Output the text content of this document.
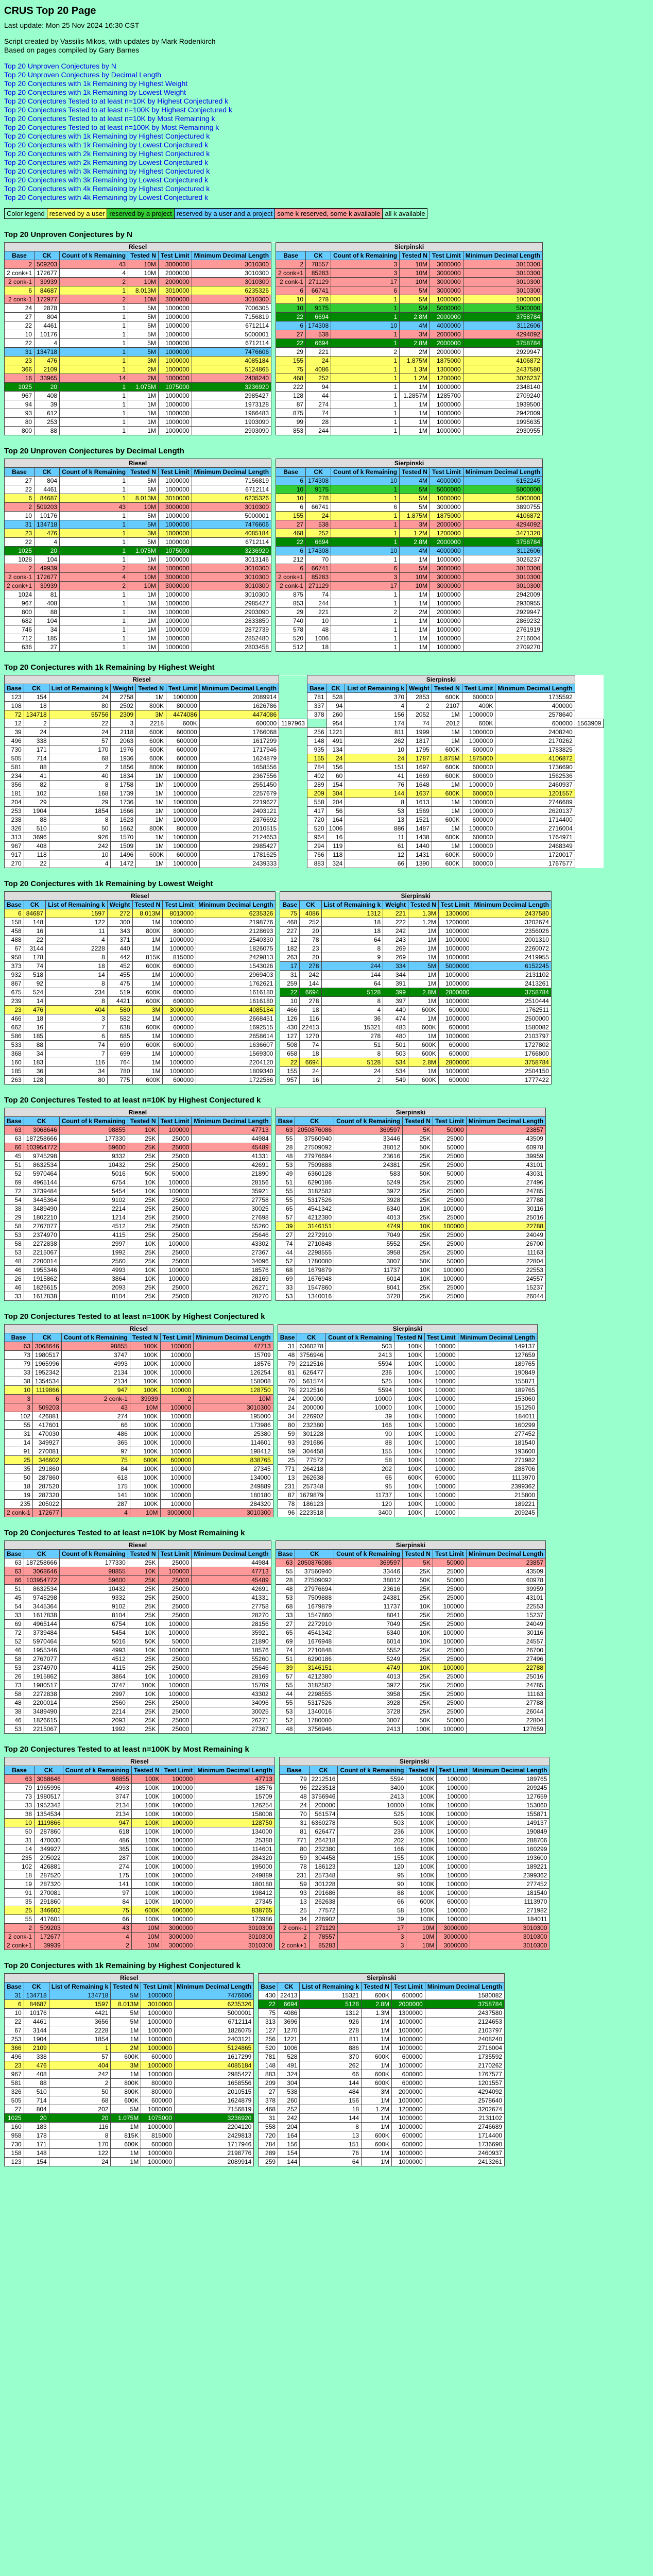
CRUS Top 20 Page

Last update: Mon 25 Nov 2024 16:30 CST

Script created by Vassilis Mikos, with updates by Mark Rodenkirch

Based on pages compiled by Gary Barnes

Top 20 Unproven Conjectures by N
Top 20 Unproven Conjectures by Decimal Length
Top 20 Conjectures with 1k Remaining by Highest Weight
Top 20 Conjectures with 1k Remaining by Lowest Weight
Top 20 Conjectures Tested to at least n=10K by Highest Conjectured k
Top 20 Conjectures Tested to at least n=100K by Highest Conjectured k
Top 20 Conjectures Tested to at least n=10K by Most Remaining k
Top 20 Conjectures Tested to at least n=100K by Most Remaining k
Top 20 Conjectures with 1k Remaining by Highest Conjectured k
Top 20 Conjectures with 1k Remaining by Lowest Conjectured k
Top 20 Conjectures with 2k Remaining by Highest Conjectured k
Top 20 Conjectures with 2k Remaining by Lowest Conjectured k
Top 20 Conjectures with 3k Remaining by Highest Conjectured k
Top 20 Conjectures with 3k Remaining by Lowest Conjectured k
Top 20 Conjectures with 4k Remaining by Highest Conjectured k
Top 20 Conjectures with 4k Remaining by Lowest Conjectured k
Color legend	reserved by a user	reserved by a project	reserved by a user and a project	some k reserved, some k available	all k available
Top 20 Unproven Conjectures by N
Riesel							Sierpinski					
Base	CK	Count of k Remaining	Tested N	Test Limit	Minimum Decimal Length		Base	CK	Count of k Remaining	Tested N	Test Limit	Minimum Decimal Length
2	509203	43	10M	3000000	3010300		2	78557	3	10M	3000000	3010300
2 conk+1	172677	4	10M	2000000	3010300		2 conk+1	85283	3	10M	3000000	3010300
2 conk-1	39939	2	10M	2000000	3010300		2 conk-1	271129	17	10M	3000000	3010300
6	84687	1	8.013M	3010000	6235326		6	66741	6	5M	3000000	3010300
2 conk-1	172977	2	10M	3000000	3010300		10	278	1	5M	1000000	1000000
24	2878	1	5M	1000000	7006305		10	9175	1	5M	5000000	5000000
27	804	1	5M	1000000	7156819		22	6694	1	2.8M	2000000	3758784
22	4461	1	5M	1000000	6712114		6	174308	10	4M	4000000	3112606
10	10176	1	5M	1000000	5000001		27	538	1	3M	2000000	4294092
22	4	1	5M	1000000	6712114		22	6694	1	2.8M	2000000	3758784
31	134718	1	5M	1000000	7476606		29	221	2	2M	2000000	2929947
23	476	1	3M	1000000	4085184		155	24	1	1.875M	1875000	4106872
366	2109	1	2M	1000000	5124865		75	4086	1	1.3M	1300000	2437580
16	33965	14	2M	1000000	2408240		468	252	1	1.2M	1200000	3026237
1025	20	1	1.075M	1075000	3236920		222	94	1	1M	1000000	2348140
967	408	1	1M	1000000	2985427		128	44	1	1.2857M	1285700	2709240
94	39	1	1M	1000000	1973128		87	274	1	1M	1000000	1939500
93	612	1	1M	1000000	1966483		875	74	1	1M	1000000	2942009
80	253	1	1M	1000000	1903090		99	28	1	1M	1000000	1995635
800	88	1	1M	1000000	2903090		853	244	1	1M	1000000	2930955
Top 20 Unproven Conjectures by Decimal Length
Riesel							Sierpinski					
Base	CK	Count of k Remaining	Tested N	Test Limit	Minimum Decimal Length		Base	CK	Count of k Remaining	Tested N	Test Limit	Minimum Decimal Length
27	804	1	5M	1000000	7156819		6	174308	10	4M	4000000	6152245
22	4461	1	5M	1000000	6712114		10	9175	1	5M	5000000	5000000
6	84687	1	8.013M	3010000	6235326		10	278	1	5M	1000000	5000000
2	509203	43	10M	3000000	3010300		6	66741	6	5M	3000000	3890755
10	10176	1	5M	1000000	5000001		155	24	1	1.875M	1875000	4106872
31	134718	1	5M	1000000	7476606		27	538	1	3M	2000000	4294092
23	476	1	3M	1000000	4085184		468	252	1	1.2M	1200000	3471320
22	4	1	5M	1000000	6712114		22	6694	1	2.8M	2000000	3758784
1025	20	1	1.075M	1075000	3236920		6	174308	10	4M	4000000	3112606
1028	104	1	1M	1000000	3013146		212	70	1	1M	1000000	3026237
2	49939	2	5M	1000000	3010300		6	66741	6	5M	3000000	3010300
2 conk-1	172677	4	10M	3000000	3010300		2 conk+1	85283	3	10M	3000000	3010300
2 conk+1	39939	2	10M	3000000	3010300		2 conk-1	271129	17	10M	3000000	3010300
1024	81	1	1M	1000000	3010300		875	74	1	1M	1000000	2942009
967	408	1	1M	1000000	2985427		853	244	1	1M	1000000	2930955
800	88	1	1M	1000000	2903090		29	221	2	2M	2000000	2929947
682	104	1	1M	1000000	2833850		740	10	1	1M	1000000	2869232
746	34	1	1M	1000000	2872739		578	48	1	1M	1000000	2761919
712	185	1	1M	1000000	2852480		520	1006	1	1M	1000000	2716004
636	27	1	1M	1000000	2803458		512	18	1	1M	1000000	2709270
Top 20 Conjectures with 1k Remaining by Highest Weight
Riesel								Sierpinski							
Base	CK	List of Remaining k	Weight	Tested N	Test Limit	Minimum Decimal Length		Base	CK	List of Remaining k	Weight	Tested N	Test Limit	Minimum Decimal Length	
123	154	24	2758	1M	1000000	2089914		781	528	370	2853	600K	600000	1735592	
108	18	80	2502	800K	800000	1626786		337	94	4	2	2107	400K	400000	
72	134718	55756	2309	3M	4474086	4474086		378	260	156	2052	1M	1000000	2578640	
12	2	22	3	2218	600K	600000	1197963		954	174	74	2012	600K	600000	1563909
39	24	24	2118	600K	600000	1766068		256	1221	811	1999	1M	1000000	2408240	
496	338	57	2063	600K	600000	1617299		148	491	262	1817	1M	1000000	2170262	
730	171	170	1976	600K	600000	1717946		935	134	10	1795	600K	600000	1783825	
505	714	68	1936	600K	600000	1624879		155	24	24	1787	1.875M	1875000	4106872	
581	88	2	1856	800K	800000	1658556		784	156	151	1697	600K	600000	1736690	
234	41	40	1834	1M	1000000	2367556		402	60	41	1669	600K	600000	1562536	
356	82	8	1758	1M	1000000	2551450		289	154	76	1648	1M	1000000	2460937	
181	102	168	1739	1M	1000000	2257679		209	304	144	1637	600K	600000	1201557	
204	29	29	1736	1M	1000000	2219627		558	204	8	1613	1M	1000000	2746689	
253	1904	1854	1666	1M	1000000	2403121		417	56	53	1569	1M	1000000	2620137	
238	88	8	1623	1M	1000000	2376692		720	164	13	1521	600K	600000	1714400	
326	510	50	1662	800K	800000	2010515		520	1006	886	1487	1M	1000000	2716004	
313	3696	926	1570	1M	1000000	2124653		964	16	11	1438	600K	600000	1764971	
967	408	242	1509	1M	1000000	2985427		294	119	61	1440	1M	1000000	2468349	
917	118	10	1496	600K	600000	1781625		766	118	12	1431	600K	600000	1720017	
270	22	4	1472	1M	1000000	2439333		883	324	66	1390	600K	600000	1767577	
Top 20 Conjectures with 1k Remaining by Lowest Weight
Riesel								Sierpinski						
Base	CK	List of Remaining k	Weight	Tested N	Test Limit	Minimum Decimal Length		Base	CK	List of Remaining k	Weight	Tested N	Test Limit	Minimum Decimal Length
6	84687	1597	272	8.013M	8013000	6235326		75	4086	1312	221	1.3M	1300000	2437580
158	148	122	300	1M	1000000	2198776		468	252	18	222	1.2M	1200000	3202674
458	16	11	343	800K	800000	2128693		227	20	18	242	1M	1000000	2356026
488	22	4	371	1M	1000000	2540330		12	78	64	243	1M	1000000	2001310
67	3144	2228	440	1M	1000000	1826075		182	23	8	269	1M	1000000	2260072
958	178	8	442	815K	815000	2429813		263	20	9	269	1M	1000000	2419955
373	74	18	452	600K	600000	1543026		17	278	244	334	5M	5000000	6152245
932	518	14	455	1M	1000000	2969403		31	242	144	344	1M	1000000	2131102
867	92	8	475	1M	1000000	1762621		259	144	64	391	1M	1000000	2413261
675	524	234	519	600K	600000	1616180		22	6694	5128	399	2.8M	2800000	3758784
239	14	8	4421	600K	600000	1616180		10	278	8	397	1M	1000000	2510444
23	476	404	580	3M	3000000	4085184		466	18	4	440	600K	600000	1762511
466	18	3	582	1M	1000000	2668451		126	116	36	474	1M	1000000	2500000
662	16	7	638	600K	600000	1692515		430	22413	15321	483	600K	600000	1580082
586	185	6	685	1M	1000000	2658614		127	1270	278	480	1M	1000000	2103797
533	88	74	690	600K	600000	1636607		508	74	51	501	600K	600000	1727802
368	34	7	699	1M	1000000	1569300		658	18	8	503	600K	600000	1766800
160	183	116	764	1M	1000000	2204120		22	6694	5128	534	2.8M	2800000	3758784
185	36	34	780	1M	1000000	1809340		155	24	24	534	1M	1000000	2504150
263	128	80	775	600K	600000	1722586		957	16	2	549	600K	600000	1777422
Top 20 Conjectures Tested to at least n=10K by Highest Conjectured k
Riesel							Sierpinski					
Base	CK	Count of k Remaining	Tested N	Test Limit	Minimum Decimal Length		Base	CK	Count of k Remaining	Tested N	Test Limit	Minimum Decimal Length
63	3068646	98855	10K	100000	47713		63	2050876086	369597	5K	50000	23857
63	187258666	177330	25K	25000	44984		55	37560940	33446	25K	25000	43509
66	103954772	59600	25K	25000	45489		28	27509092	38012	50K	50000	60978
45	9745298	9332	25K	25000	41331		48	27976694	23616	25K	25000	39959
51	8632534	10432	25K	25000	42691		53	7509888	24381	25K	25000	43101
52	5970464	5016	50K	50000	21890		49	6360128	583	50K	50000	43031
69	4965144	6754	10K	100000	28156		51	6290186	5249	25K	25000	27496
72	3739484	5454	10K	100000	35921		55	3182582	3972	25K	25000	24785
54	3445364	9102	25K	25000	27758		55	5317526	3928	25K	25000	27788
38	3489490	2214	25K	25000	30025		65	4541342	6340	10K	100000	30116
29	1802210	1214	25K	25000	27698		57	4212380	4013	25K	25000	25016
58	2767077	4512	25K	25000	55260		39	3146151	4749	10K	100000	22788
53	2374970	4115	25K	25000	25646		27	2272910	7049	25K	25000	24049
58	2272838	2997	10K	100000	43302		74	2710848	5552	25K	25000	26700
53	2215067	1992	25K	25000	27367		44	2298555	3958	25K	25000	11163
48	2200014	2560	25K	25000	34096		52	1780080	3007	50K	50000	22804
46	1955346	4993	10K	100000	18576		68	1679879	11737	10K	100000	22553
26	1915862	3864	10K	100000	28169		69	1676948	6014	10K	100000	24557
46	1826615	2093	25K	25000	26271		33	1547860	8041	25K	25000	15237
33	1617838	8104	25K	25000	28270		53	1340016	3728	25K	25000	26044
Top 20 Conjectures Tested to at least n=100K by Highest Conjectured k
Riesel							Sierpinski					
Base	CK	Count of k Remaining	Tested N	Test Limit	Minimum Decimal Length		Base	CK	Count of k Remaining	Tested N	Test Limit	Minimum Decimal Length
63	3068646	98855	100K	100000	47713		31	6360278	503	100K	100000	149137
73	1980517	3747	100K	100000	15709		48	3756946	2413	100K	100000	127659
79	1965996	4993	100K	100000	18576		79	2212516	5594	100K	100000	189765
33	1952342	2134	100K	100000	126254		81	626477	236	100K	100000	190849
38	1354534	2134	100K	100000	158008		70	561574	525	100K	100000	155871
10	1119866	947	100K	100000	128750		76	2212516	5594	100K	100000	189765
3	6	2 conk-1	39939	2	10M		24	200000	10000	100K	100000	153060
3	509203	43	10M	100000	3010300		24	200000	10000	100K	100000	151250
102	426881	274	100K	100000	195000		34	226902	39	100K	100000	184011
55	417601	66	100K	100000	173986		80	232380	166	100K	100000	160299
31	470030	486	100K	100000	25380		59	301228	90	100K	100000	277452
14	349927	365	100K	100000	114601		93	291686	88	100K	100000	181540
91	270081	97	100K	100000	198412		59	304458	155	100K	100000	193600
25	346602	75	600K	600000	838765		25	77572	58	100K	100000	271982
35	291860	84	100K	100000	27345		771	264218	202	100K	100000	288706
50	287860	618	100K	100000	134000		13	262638	66	600K	600000	1113970
18	287520	175	100K	100000	249889		231	257348	95	100K	100000	2399362
19	287320	141	100K	100000	180180		87	1679879	11737	100K	100000	215800
235	205022	287	100K	100000	284320		78	186123	120	100K	100000	189221
2 conk-1	172677	4	10M	3000000	3010300		96	2223518	3400	100K	100000	209245
Top 20 Conjectures Tested to at least n=10K by Most Remaining k
Riesel							Sierpinski					
Base	CK	Count of k Remaining	Tested N	Test Limit	Minimum Decimal Length		Base	CK	Count of k Remaining	Tested N	Test Limit	Minimum Decimal Length
63	187258666	177330	25K	25000	44984		63	2050876086	369597	5K	50000	23857
63	3068646	98855	10K	100000	47713		55	37560940	33446	25K	25000	43509
66	103954772	59600	25K	25000	45489		28	27509092	38012	50K	50000	60978
51	8632534	10432	25K	25000	42691		48	27976694	23616	25K	25000	39959
45	9745298	9332	25K	25000	41331		53	7509888	24381	25K	25000	43101
54	3445364	9102	25K	25000	27758		68	1679879	11737	10K	100000	22553
33	1617838	8104	25K	25000	28270		33	1547860	8041	25K	25000	15237
69	4965144	6754	10K	100000	28156		27	2272910	7049	25K	25000	24049
72	3739484	5454	10K	100000	35921		65	4541342	6340	10K	100000	30116
52	5970464	5016	50K	50000	21890		69	1676948	6014	10K	100000	24557
46	1955346	4993	10K	100000	18576		74	2710848	5552	25K	25000	26700
58	2767077	4512	25K	25000	55260		51	6290186	5249	25K	25000	27496
53	2374970	4115	25K	25000	25646		39	3146151	4749	10K	100000	22788
26	1915862	3864	10K	100000	28169		57	4212380	4013	25K	25000	25016
73	1980517	3747	100K	100000	15709		55	3182582	3972	25K	25000	24785
58	2272838	2997	10K	100000	43302		44	2298555	3958	25K	25000	11163
48	2200014	2560	25K	25000	34096		55	5317526	3928	25K	25000	27788
38	3489490	2214	25K	25000	30025		53	1340016	3728	25K	25000	26044
46	1826615	2093	25K	25000	26271		52	1780080	3007	50K	50000	22804
53	2215067	1992	25K	25000	27367		48	3756946	2413	100K	100000	127659
Top 20 Conjectures Tested to at least n=100K by Most Remaining k
Riesel							Sierpinski					
Base	CK	Count of k Remaining	Tested N	Test Limit	Minimum Decimal Length		Base	CK	Count of k Remaining	Tested N	Test Limit	Minimum Decimal Length
63	3068646	98855	100K	100000	47713		79	2212516	5594	100K	100000	189765
79	1965996	4993	100K	100000	18576		96	2223518	3400	100K	100000	209245
73	1980517	3747	100K	100000	15709		48	3756946	2413	100K	100000	127659
33	1952342	2134	100K	100000	126254		24	200000	10000	100K	100000	153060
38	1354534	2134	100K	100000	158008		70	561574	525	100K	100000	155871
10	1119866	947	100K	100000	128750		31	6360278	503	100K	100000	149137
50	287860	618	100K	100000	134000		81	626477	236	100K	100000	190849
31	470030	486	100K	100000	25380		771	264218	202	100K	100000	288706
14	349927	365	100K	100000	114601		80	232380	166	100K	100000	160299
235	205022	287	100K	100000	284320		59	304458	155	100K	100000	193600
102	426881	274	100K	100000	195000		78	186123	120	100K	100000	189221
18	287520	175	100K	100000	249889		231	257348	95	100K	100000	2399362
19	287320	141	100K	100000	180180		59	301228	90	100K	100000	277452
91	270081	97	100K	100000	198412		93	291686	88	100K	100000	181540
35	291860	84	100K	100000	27345		13	262638	66	600K	600000	1113970
25	346602	75	600K	600000	838765		25	77572	58	100K	100000	271982
55	417601	66	100K	100000	173986		34	226902	39	100K	100000	184011
2	509203	43	10M	3000000	3010300		2 conk-1	271129	17	10M	3000000	3010300
2 conk-1	172677	4	10M	3000000	3010300		2	78557	3	10M	3000000	3010300
2 conk+1	39939	2	10M	3000000	3010300		2 conk+1	85283	3	10M	3000000	3010300
Top 20 Conjectures with 1k Remaining by Highest Conjectured k
Riesel							Sierpinski					
Base	CK	List of Remaining k	Tested N	Test Limit	Minimum Decimal Length		Base	CK	List of Remaining k	Tested N	Test Limit	Minimum Decimal Length
31	134718	134718	5M	1000000	7476606		430	22413	15321	600K	600000	1580082
6	84687	1597	8.013M	3010000	6235326		22	6694	5128	2.8M	2000000	3758784
10	10176	4421	5M	1000000	5000001		75	4086	1312	1.3M	1300000	2437580
22	4461	3656	5M	1000000	6712114		313	3696	926	1M	1000000	2124653
67	3144	2228	1M	1000000	1826075		127	1270	278	1M	1000000	2103797
253	1904	1854	1M	1000000	2403121		256	1221	811	1M	1000000	2408240
366	2109	1	2M	1000000	5124865		520	1006	886	1M	1000000	2716004
496	338	57	600K	600000	1617299		781	528	370	600K	600000	1735592
23	476	404	3M	1000000	4085184		148	491	262	1M	1000000	2170262
967	408	242	1M	1000000	2985427		883	324	66	600K	600000	1767577
581	88	2	800K	800000	1658556		209	304	144	600K	600000	1201557
326	510	50	800K	800000	2010515		27	538	484	3M	2000000	4294092
505	714	68	600K	600000	1624879		378	260	156	1M	1000000	2578640
27	804	202	5M	1000000	7156819		468	252	18	1.2M	1200000	3202674
1025	20	20	1.075M	1075000	3236920		31	242	144	1M	1000000	2131102
160	183	116	1M	1000000	2204120		558	204	8	1M	1000000	2746689
958	178	8	815K	815000	2429813		720	164	13	600K	600000	1714400
730	171	170	600K	600000	1717946		784	156	151	600K	600000	1736690
158	148	122	1M	1000000	2198776		289	154	76	1M	1000000	2460937
123	154	24	1M	1000000	2089914		259	144	64	1M	1000000	2413261
